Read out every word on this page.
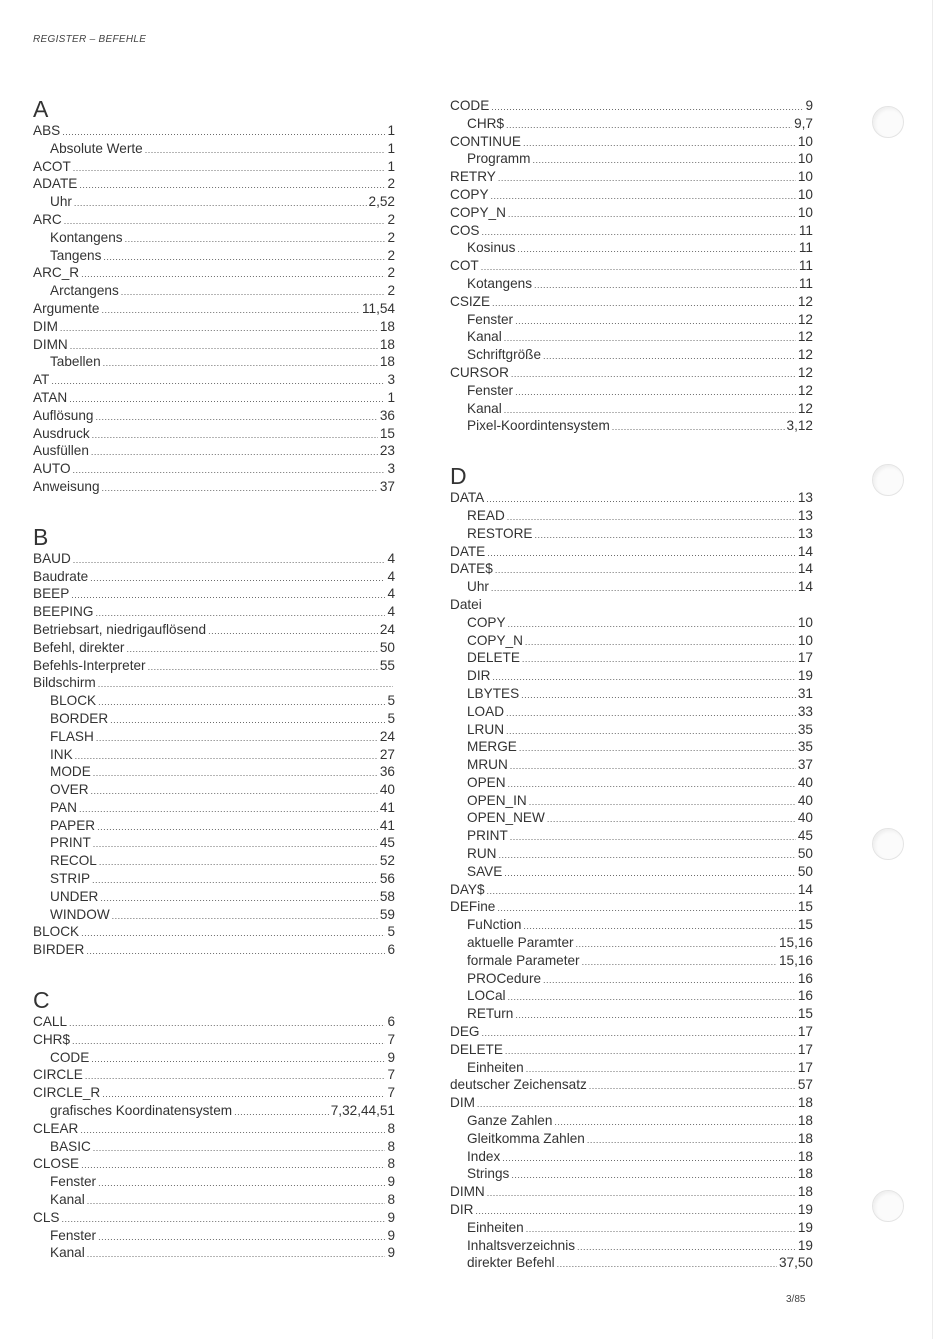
REGISTER – BEFEHLE
A
ABS .....	1
Absolute Werte .....	1
ACOT .....	1
ADATE .....	2
Uhr .....	2,52
ARC .....	2
Kontangens .....	2
Tangens .....	2
ARC_R .....	2
Arctangens .....	2
Argumente .....	11,54
DIM .....	18
DIMN .....	18
Tabellen .....	18
AT .....	3
ATAN .....	1
Auflösung .....	36
Ausdruck .....	15
Ausfüllen .....	23
AUTO .....	3
Anweisung .....	37
B
BAUD .....	4
Baudrate .....	4
BEEP .....	4
BEEPING .....	4
Betriebsart, niedrigauflösend .....	24
Befehl, direkter .....	50
Befehls-Interpreter .....	55
Bildschirm
.....
BLOCK .....	5
BORDER .....	5
FLASH .....	24
INK .....	27
MODE .....	36
OVER .....	40
PAN .....	41
PAPER .....	41
PRINT .....	45
RECOL .....	52
STRIP .....	56
UNDER .....	58
WINDOW .....	59
BLOCK .....	5
BIRDER .....	6
C
CALL .....	6
CHR$ .....	7
CODE .....	9
CIRCLE .....	7
CIRCLE_R .....	7
grafisches Koordinatensystem .....	7,32,44,51
CLEAR .....	8
BASIC .....	8
CLOSE .....	8
Fenster .....	9
Kanal .....	8
CLS .....	9
Fenster .....	9
Kanal .....	9
CODE .....	9
CHR$ .....	9,7
CONTINUE .....	10
Programm .....	10
RETRY .....	10
COPY .....	10
COPY_N .....	10
COS .....	11
Kosinus .....	11
COT .....	11
Kotangens .....	11
CSIZE .....	12
Fenster .....	12
Kanal .....	12
Schriftgröße .....	12
CURSOR .....	12
Fenster .....	12
Kanal .....	12
Pixel-Koordintensystem .....	3,12
D
DATA .....	13
READ .....	13
RESTORE .....	13
DATE .....	14
DATE$ .....	14
Uhr .....	14
Datei
COPY .....	10
COPY_N .....	10
DELETE .....	17
DIR .....	19
LBYTES .....	31
LOAD .....	33
LRUN .....	35
MERGE .....	35
MRUN .....	37
OPEN .....	40
OPEN_IN .....	40
OPEN_NEW .....	40
PRINT .....	45
RUN .....	50
SAVE .....	50
DAY$ .....	14
DEFine .....	15
FuNction .....	15
aktuelle Paramter .....	15,16
formale Parameter .....	15,16
PROCedure .....	16
LOCal .....	16
RETurn .....	15
DEG .....	17
DELETE .....	17
Einheiten .....	17
deutscher Zeichensatz .....	57
DIM .....	18
Ganze Zahlen .....	18
Gleitkomma Zahlen .....	18
Index .....	18
Strings .....	18
DIMN .....	18
DIR .....	19
Einheiten .....	19
Inhaltsverzeichnis .....	19
direkter Befehl .....	37,50
3/85
